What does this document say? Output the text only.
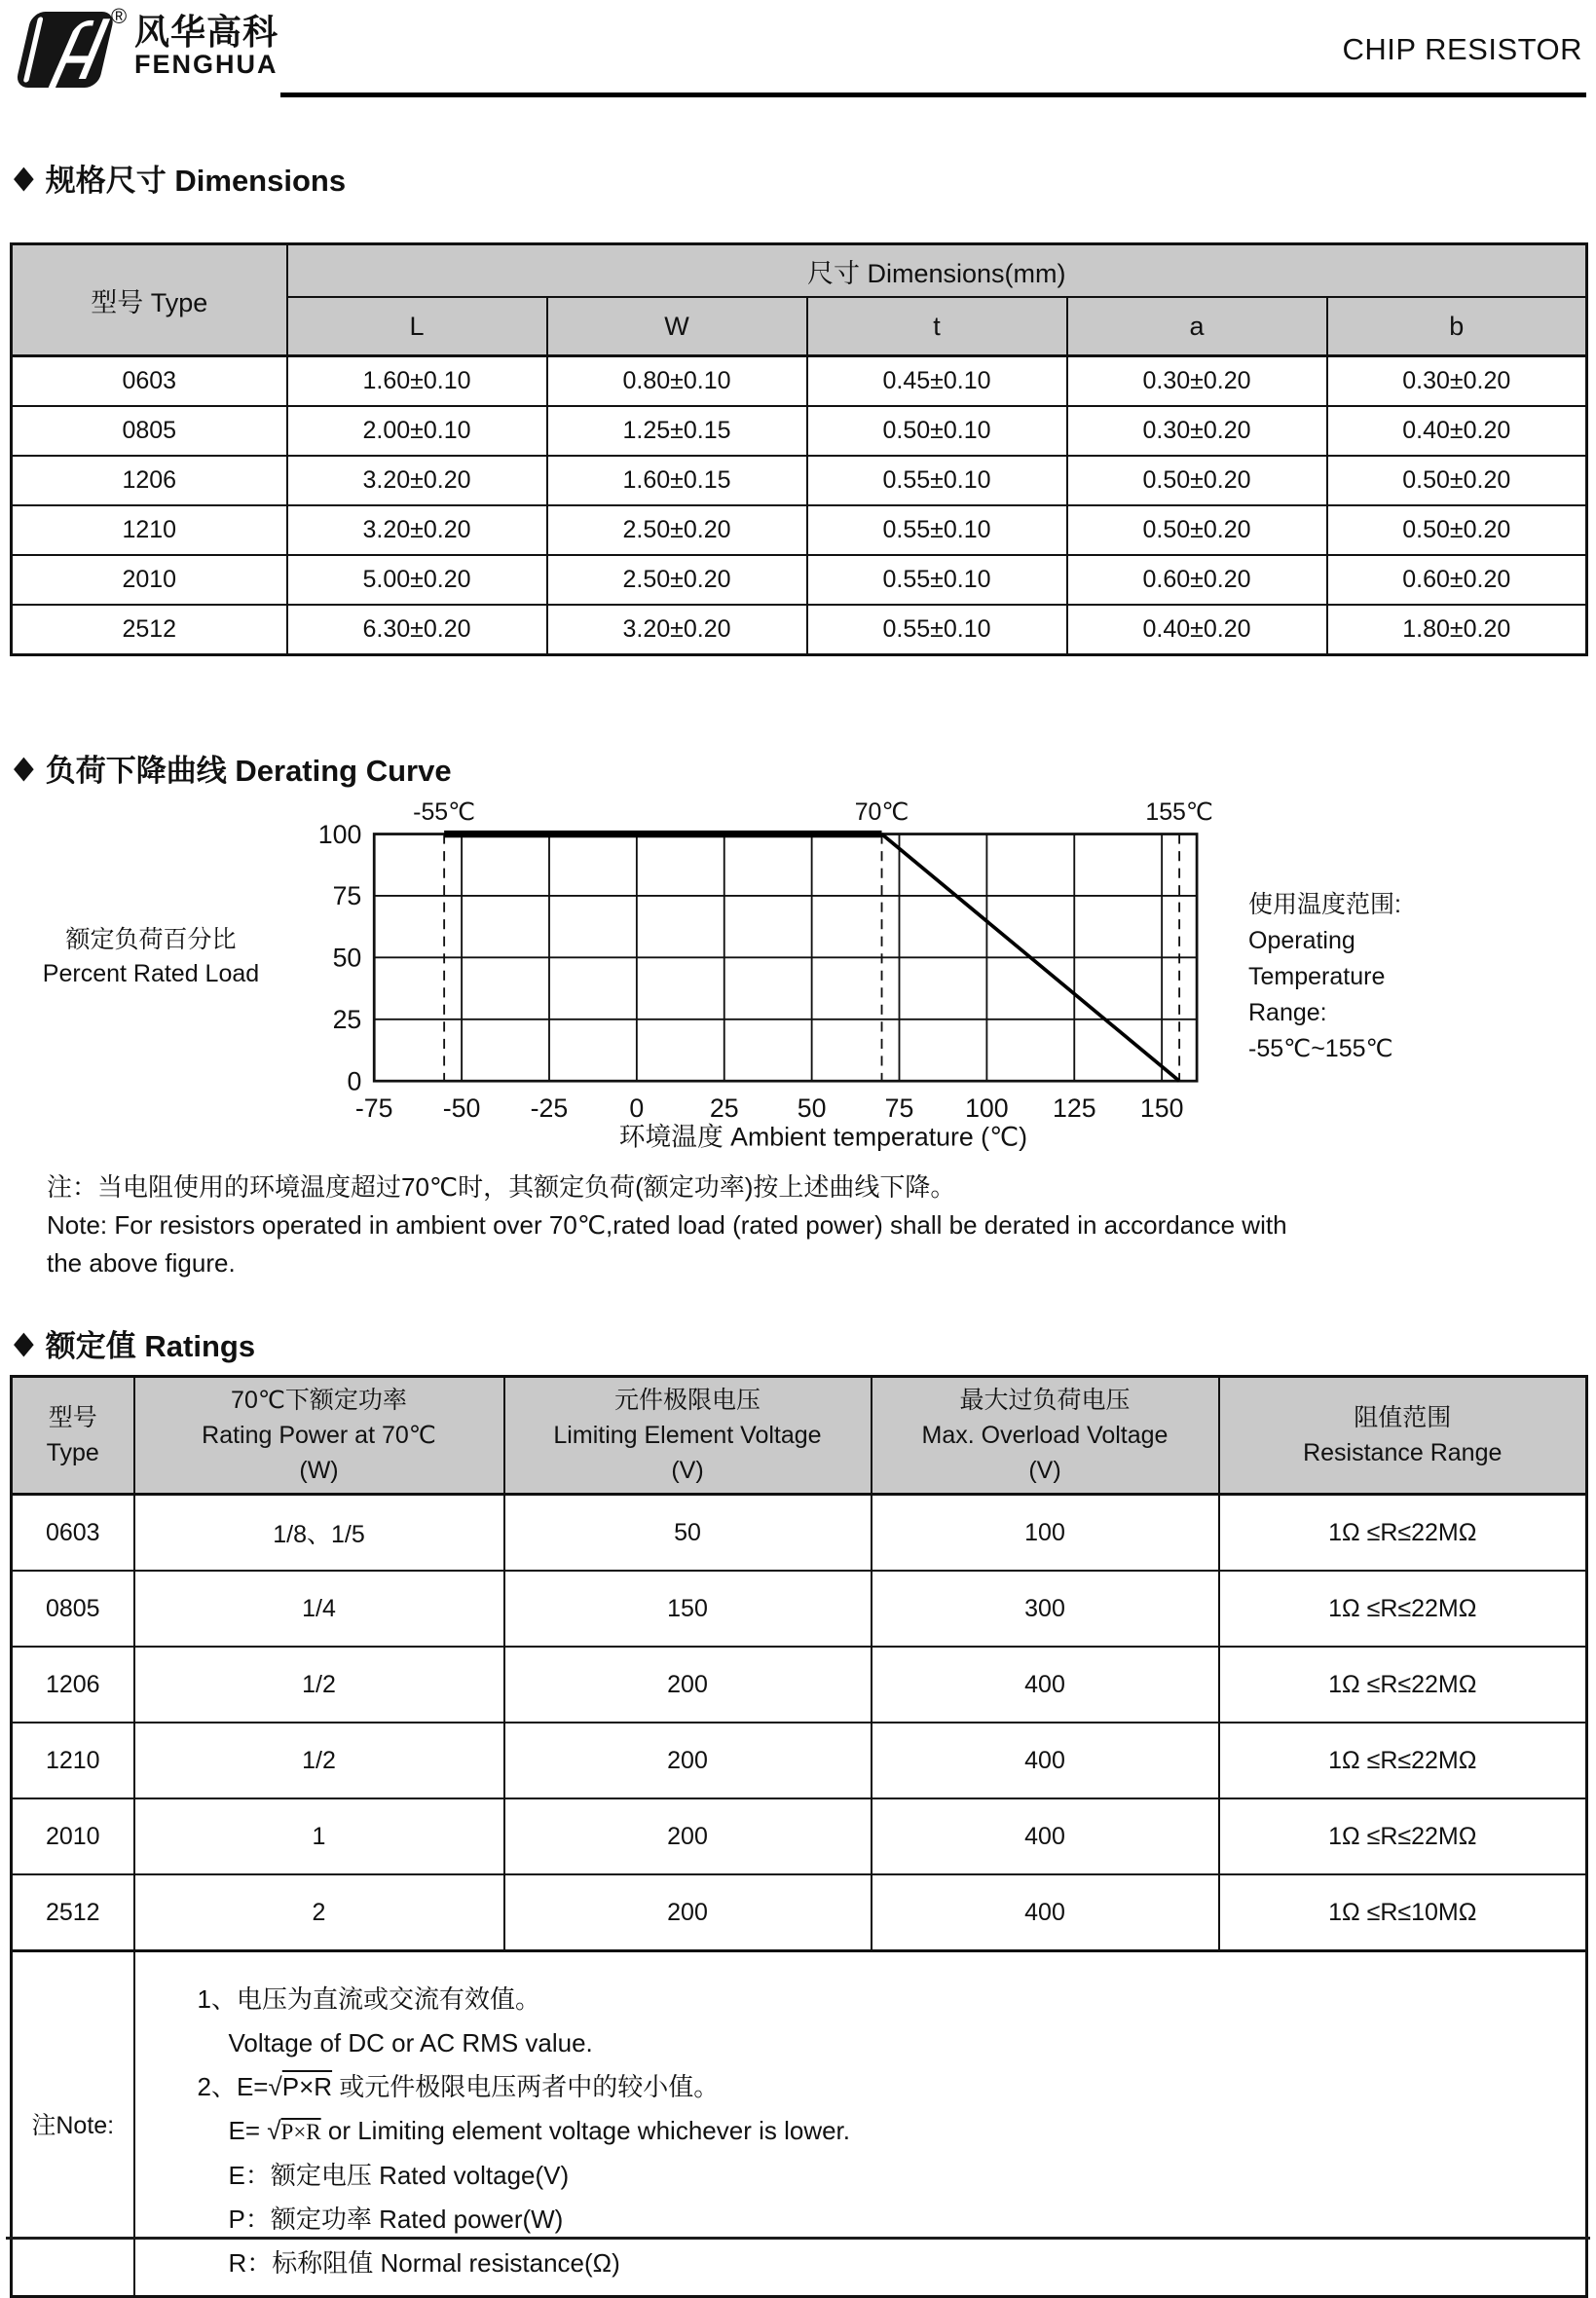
® 风华高科
FENGHUA	CHIP RESISTOR
◆ 规格尺寸 Dimensions
型号 Type	尺寸 Dimensions(mm)				
	L	W	t	a	b
0603	1.60±0.10	0.80±0.10	0.45±0.10	0.30±0.20	0.30±0.20
0805	2.00±0.10	1.25±0.15	0.50±0.10	0.30±0.20	0.40±0.20
1206	3.20±0.20	1.60±0.15	0.55±0.10	0.50±0.20	0.50±0.20
1210	3.20±0.20	2.50±0.20	0.55±0.10	0.50±0.20	0.50±0.20
2010	5.00±0.20	2.50±0.20	0.55±0.10	0.60±0.20	0.60±0.20
2512	6.30±0.20	3.20±0.20	0.55±0.10	0.40±0.20	1.80±0.20
◆ 负荷下降曲线 Derating Curve
额定负荷百分比
Percent Rated Load
-75 -50 -25 0 25 50 75 100 125 150
0
25
50
75
100
-55℃	70℃	155℃
环境温度 Ambient temperature (℃)
使用温度范围:
Operating
Temperature
Range:
-55℃~155℃
注：当电阻使用的环境温度超过70℃时，其额定负荷(额定功率)按上述曲线下降。
Note: For resistors operated in ambient over 70℃,rated load (rated power) shall be derated in accordance with
the above figure.
◆ 额定值 Ratings
型号
Type

70℃下额定功率
Rating Power at 70℃
(W)

元件极限电压
Limiting Element Voltage
(V)

最大过负荷电压
Max. Overload Voltage
(V)

阻值范围
Resistance Range

0603	1/8、1/5	50	100	1Ω ≤R≤22MΩ
0805	1/4	150	300	1Ω ≤R≤22MΩ
1206	1/2	200	400	1Ω ≤R≤22MΩ
1210	1/2	200	400	1Ω ≤R≤22MΩ
2010	1	200	400	1Ω ≤R≤22MΩ
2512	2	200	400	1Ω ≤R≤10MΩ
注Note:	
1、电压为直流或交流有效值。
Voltage of DC or AC RMS value.
2、E=√P×R 或元件极限电压两者中的较小值。
E= √P×R or Limiting element voltage whichever is lower.
E：额定电压 Rated voltage(V)
P：额定功率 Rated power(W)
R：标称阻值 Normal resistance(Ω)
